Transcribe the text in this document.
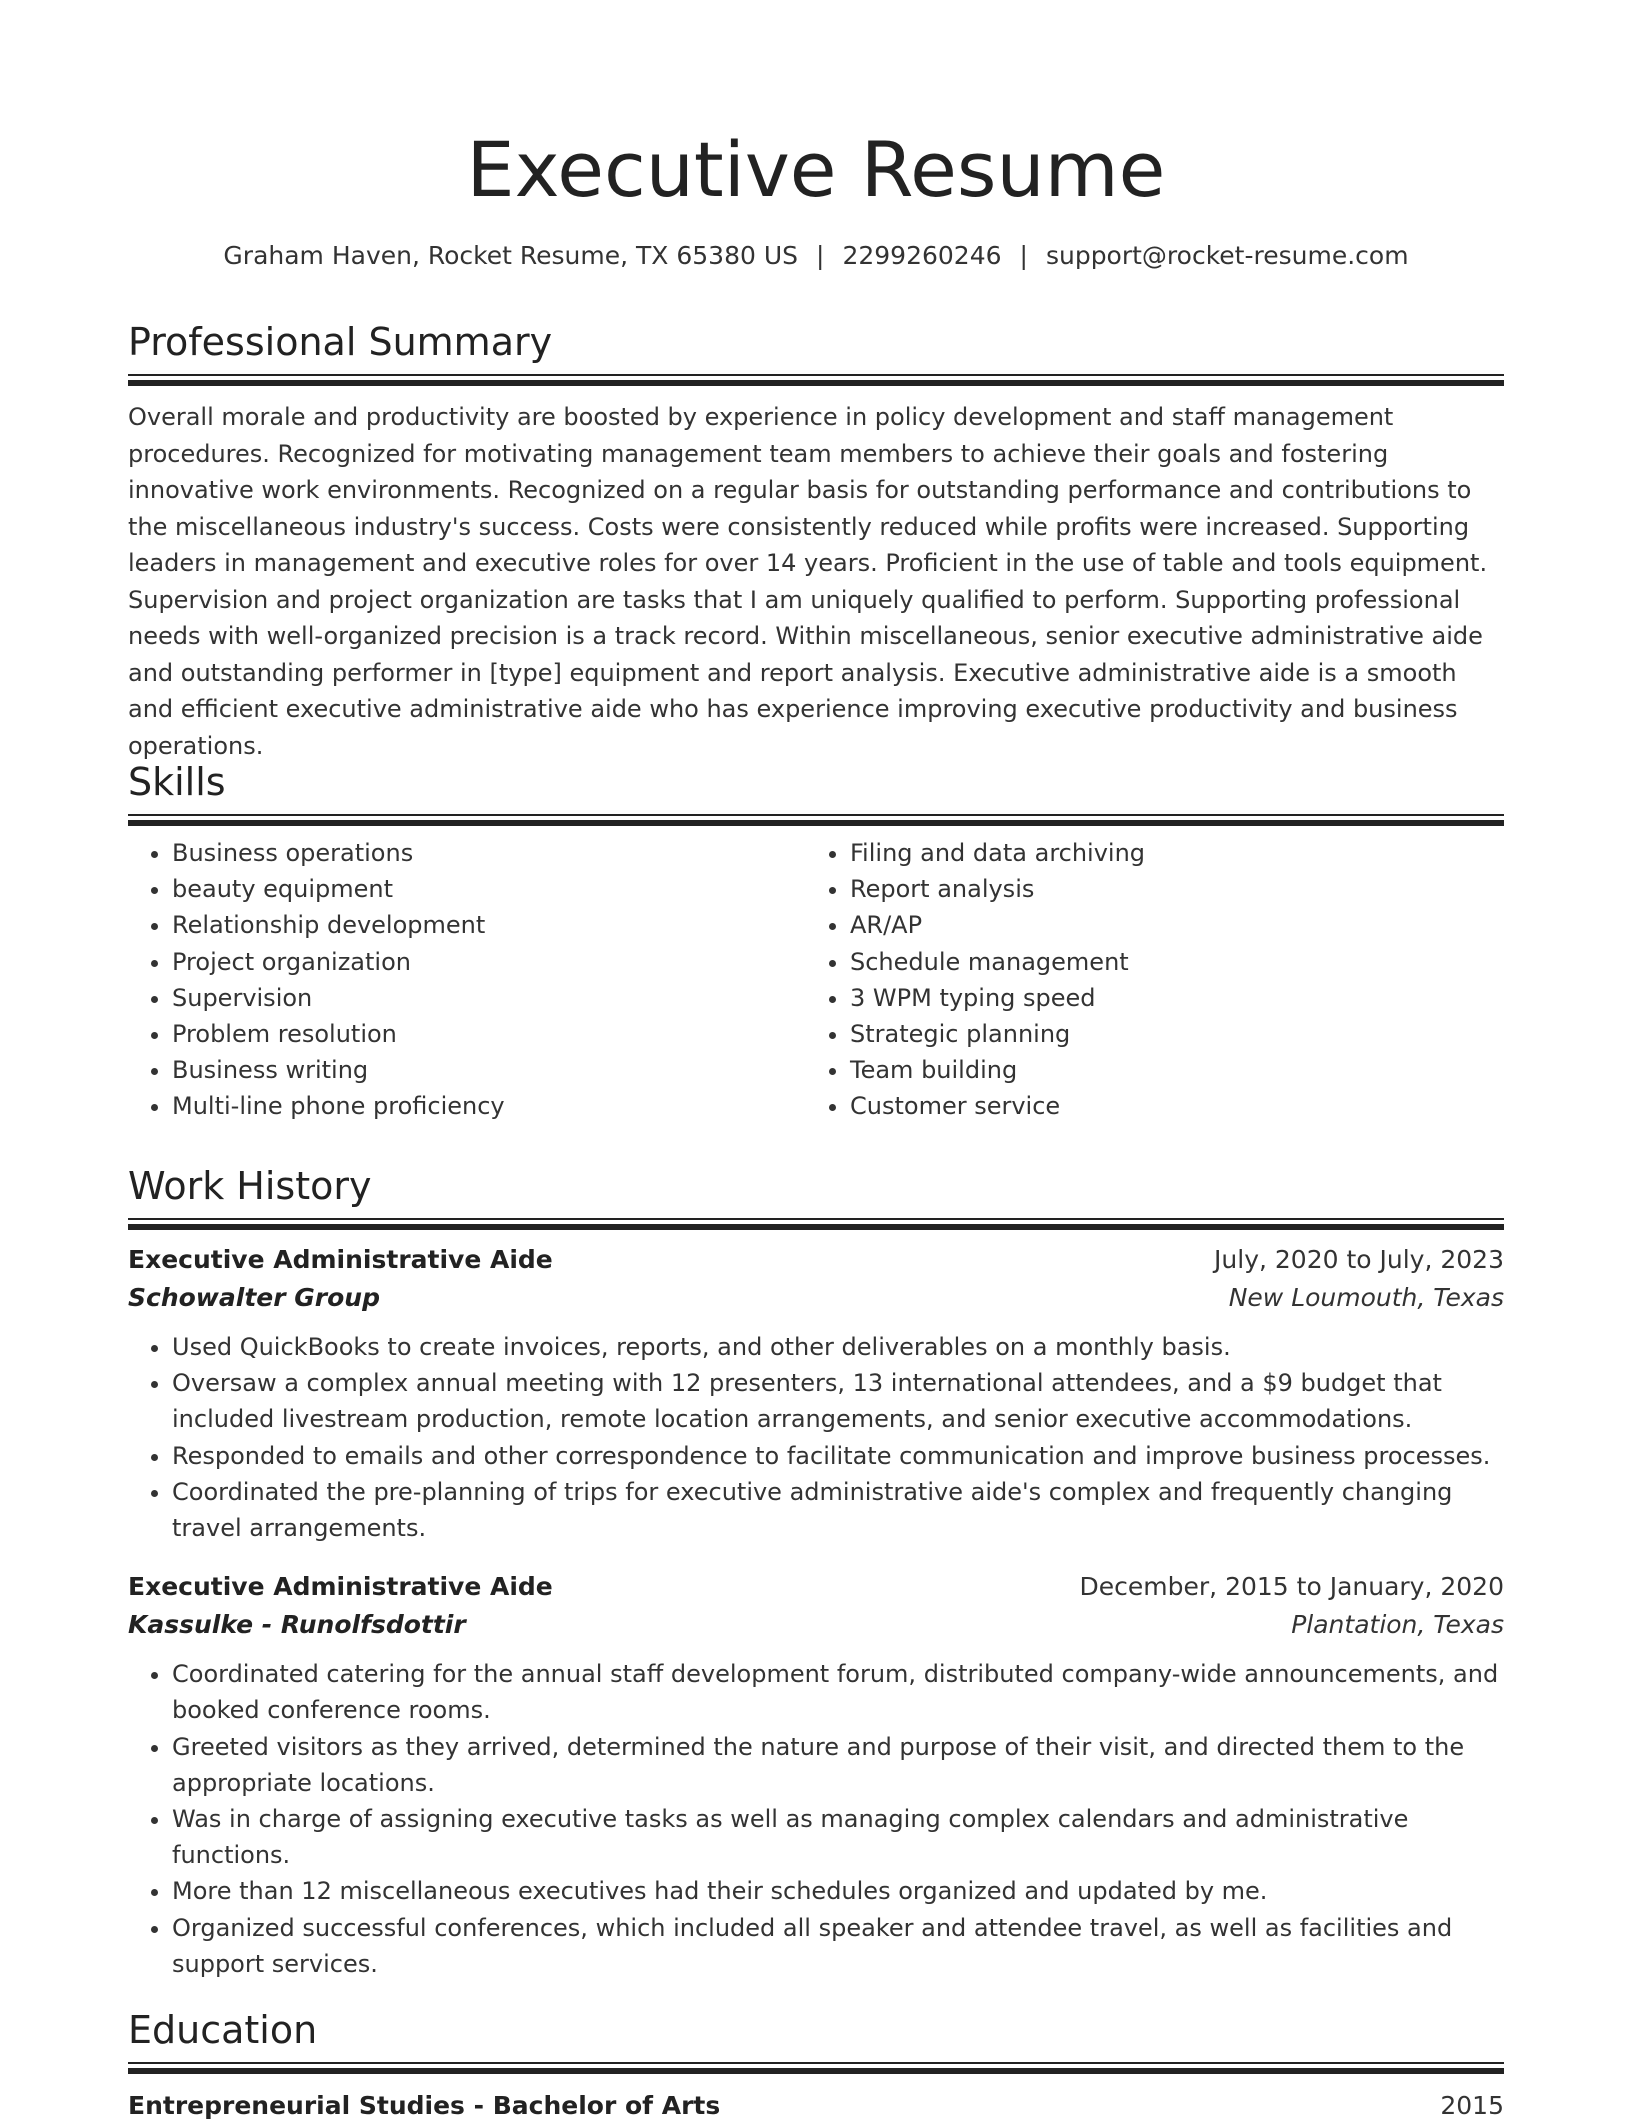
Executive Resume
Graham Haven, Rocket Resume, TX 65380 US | 2299260246 | support@rocket-resume.com
Professional Summary

Overall morale and productivity are boosted by experience in policy development and staff management procedures. Recognized for motivating management team members to achieve their goals and fostering innovative work environments. Recognized on a regular basis for outstanding performance and contributions to the miscellaneous industry's success. Costs were consistently reduced while profits were increased. Supporting leaders in management and executive roles for over 14 years. Proficient in the use of table and tools equipment. Supervision and project organization are tasks that I am uniquely qualified to perform. Supporting professional needs with well-organized precision is a track record. Within miscellaneous, senior executive administrative aide and outstanding performer in [type] equipment and report analysis. Executive administrative aide is a smooth and efficient executive administrative aide who has experience improving executive productivity and business operations.

Skills
• Business operations
• beauty equipment
• Relationship development
• Project organization
• Supervision
• Problem resolution
• Business writing
• Multi-line phone proficiency
• Filing and data archiving
• Report analysis
• AR/AP
• Schedule management
• 3 WPM typing speed
• Strategic planning
• Team building
• Customer service
Work History
Executive Administrative Aide	July, 2020 to July, 2023
Schowalter Group	New Loumouth, Texas
• Used QuickBooks to create invoices, reports, and other deliverables on a monthly basis.
• Oversaw a complex annual meeting with 12 presenters, 13 international attendees, and a $9 budget that included livestream production, remote location arrangements, and senior executive accommodations.
• Responded to emails and other correspondence to facilitate communication and improve business processes.
• Coordinated the pre-planning of trips for executive administrative aide's complex and frequently changing travel arrangements.
Executive Administrative Aide	December, 2015 to January, 2020
Kassulke - Runolfsdottir	Plantation, Texas
• Coordinated catering for the annual staff development forum, distributed company-wide announcements, and booked conference rooms.
• Greeted visitors as they arrived, determined the nature and purpose of their visit, and directed them to the appropriate locations.
• Was in charge of assigning executive tasks as well as managing complex calendars and administrative functions.
• More than 12 miscellaneous executives had their schedules organized and updated by me.
• Organized successful conferences, which included all speaker and attendee travel, as well as facilities and support services.
Education
Entrepreneurial Studies - Bachelor of Arts	2015
